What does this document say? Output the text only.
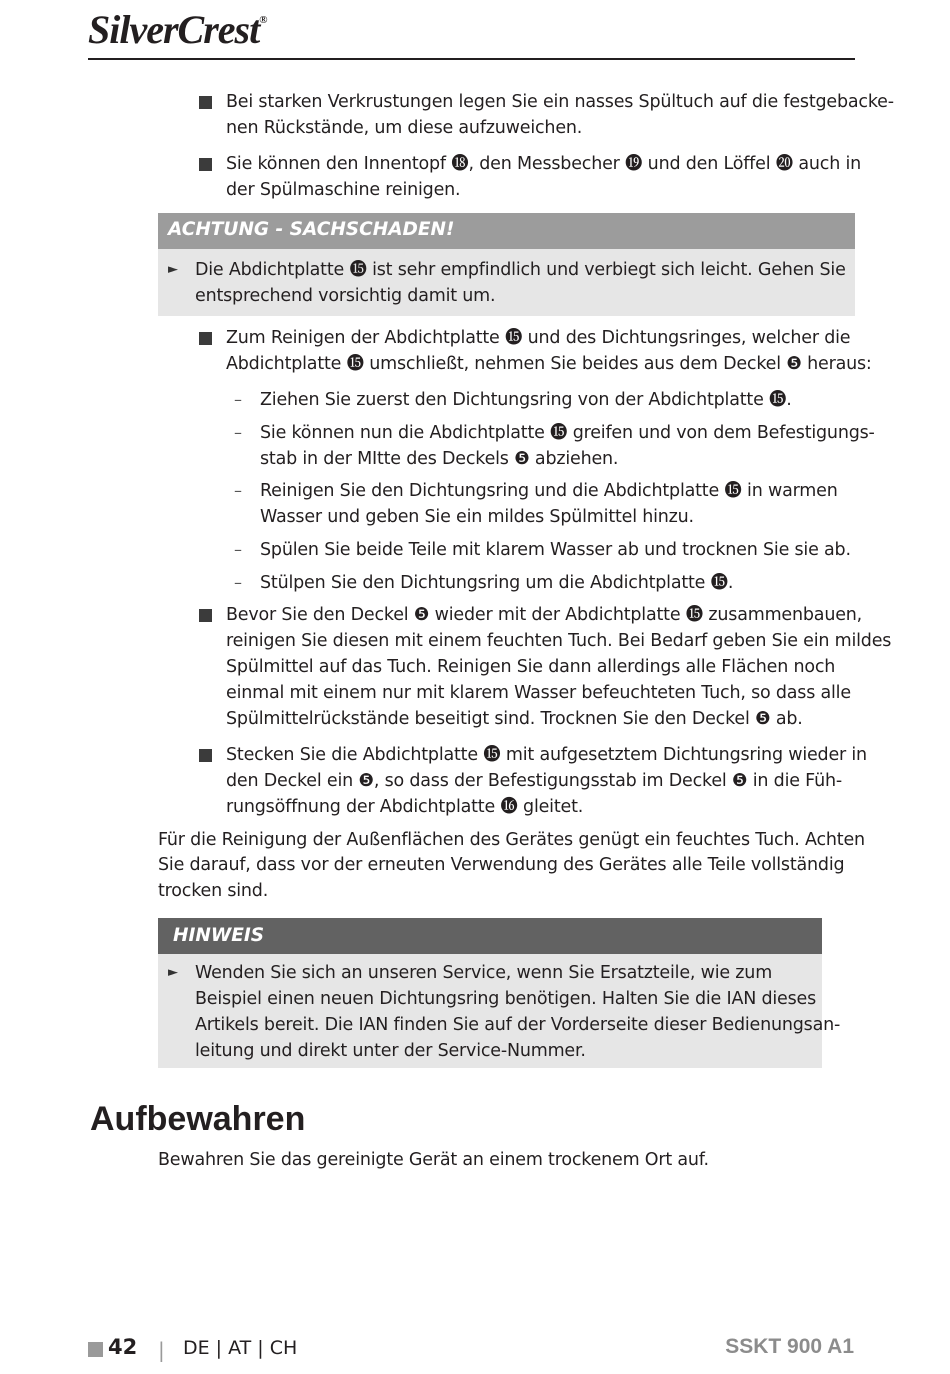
SilverCrest®
Bei starken Verkrustungen legen Sie ein nasses Spültuch auf die festgebacke-
nen Rückstände, um diese aufzuweichen.
Sie können den Innentopf ⓲, den Messbecher ⓳ und den Löffel ⓴ auch in
der Spülmaschine reinigen.
ACHTUNG - SACHSCHADEN!
► Die Abdichtplatte ⓯ ist sehr empfindlich und verbiegt sich leicht. Gehen Sie
entsprechend vorsichtig damit um.
Zum Reinigen der Abdichtplatte ⓯ und des Dichtungsringes, welcher die
Abdichtplatte ⓯ umschließt, nehmen Sie beides aus dem Deckel ❺ heraus:
– Ziehen Sie zuerst den Dichtungsring von der Abdichtplatte ⓯.
– Sie können nun die Abdichtplatte ⓯ greifen und von dem Befestigungs-
stab in der MItte des Deckels ❺ abziehen.
– Reinigen Sie den Dichtungsring und die Abdichtplatte ⓯ in warmen
Wasser und geben Sie ein mildes Spülmittel hinzu.
– Spülen Sie beide Teile mit klarem Wasser ab und trocknen Sie sie ab.
– Stülpen Sie den Dichtungsring um die Abdichtplatte ⓯.
Bevor Sie den Deckel ❺ wieder mit der Abdichtplatte ⓯ zusammenbauen,
reinigen Sie diesen mit einem feuchten Tuch. Bei Bedarf geben Sie ein mildes
Spülmittel auf das Tuch. Reinigen Sie dann allerdings alle Flächen noch
einmal mit einem nur mit klarem Wasser befeuchteten Tuch, so dass alle
Spülmittelrückstände beseitigt sind. Trocknen Sie den Deckel ❺ ab.
Stecken Sie die Abdichtplatte ⓯ mit aufgesetztem Dichtungsring wieder in
den Deckel ein ❺, so dass der Befestigungsstab im Deckel ❺ in die Füh-
rungsöffnung der Abdichtplatte ⓰ gleitet.
Für die Reinigung der Außenflächen des Gerätes genügt ein feuchtes Tuch. Achten
Sie darauf, dass vor der erneuten Verwendung des Gerätes alle Teile vollständig
trocken sind.
HINWEIS
► Wenden Sie sich an unseren Service, wenn Sie Ersatzteile, wie zum
Beispiel einen neuen Dichtungsring benötigen. Halten Sie die IAN dieses
Artikels bereit. Die IAN finden Sie auf der Vorderseite dieser Bedienungsan-
leitung und direkt unter der Service-Nummer.
Aufbewahren
Bewahren Sie das gereinigte Gerät an einem trockenem Ort auf.
42 | DE | AT | CH	SSKT 900 A1
